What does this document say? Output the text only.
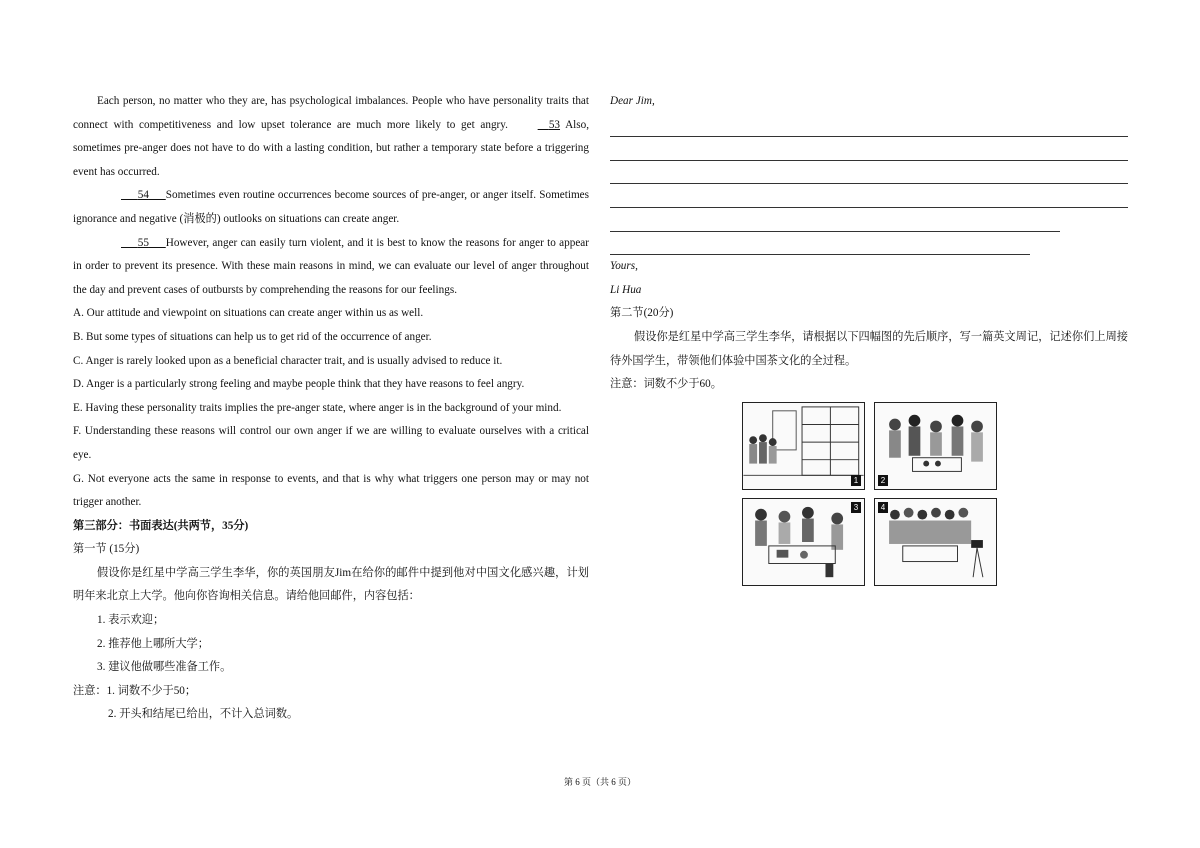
Each person, no matter who they are, has psychological imbalances. People who have personality traits that connect with competitiveness and low upset tolerance are much more likely to get angry.	53 Also, sometimes pre-anger does not have to do with a lasting condition, but rather a temporary state before a triggering event has occurred.

54 Sometimes even routine occurrences become sources of pre-anger, or anger itself. Sometimes ignorance and negative (消极的) outlooks on situations can create anger.

55 However, anger can easily turn violent, and it is best to know the reasons for anger to appear in order to prevent its presence. With these main reasons in mind, we can evaluate our level of anger throughout the day and prevent cases of outbursts by comprehending the reasons for our feelings.

A. Our attitude and viewpoint on situations can create anger within us as well.

B. But some types of situations can help us to get rid of the occurrence of anger.

C. Anger is rarely looked upon as a beneficial character trait, and is usually advised to reduce it.

D. Anger is a particularly strong feeling and maybe people think that they have reasons to feel angry.

E. Having these personality traits implies the pre-anger state, where anger is in the background of your mind.

F. Understanding these reasons will control our own anger if we are willing to evaluate ourselves with a critical eye.

G. Not everyone acts the same in response to events, and that is why what triggers one person may or may not trigger another.

第三部分：书面表达(共两节，35分)

第一节 (15分)

假设你是红星中学高三学生李华，你的英国朋友Jim在给你的邮件中提到他对中国文化感兴趣，计划明年来北京上大学。他向你咨询相关信息。请给他回邮件，内容包括：

1. 表示欢迎；

2. 推荐他上哪所大学；

3. 建议他做哪些准备工作。

注意：1. 词数不少于50；

2. 开头和结尾已给出，不计入总词数。

Dear Jim,

Yours,

Li Hua

第二节(20分)

假设你是红星中学高三学生李华，请根据以下四幅图的先后顺序，写一篇英文周记，记述你们上周接待外国学生，带领他们体验中国茶文化的全过程。

注意：词数不少于60。

1	2
3	4
第 6 页（共 6 页）
